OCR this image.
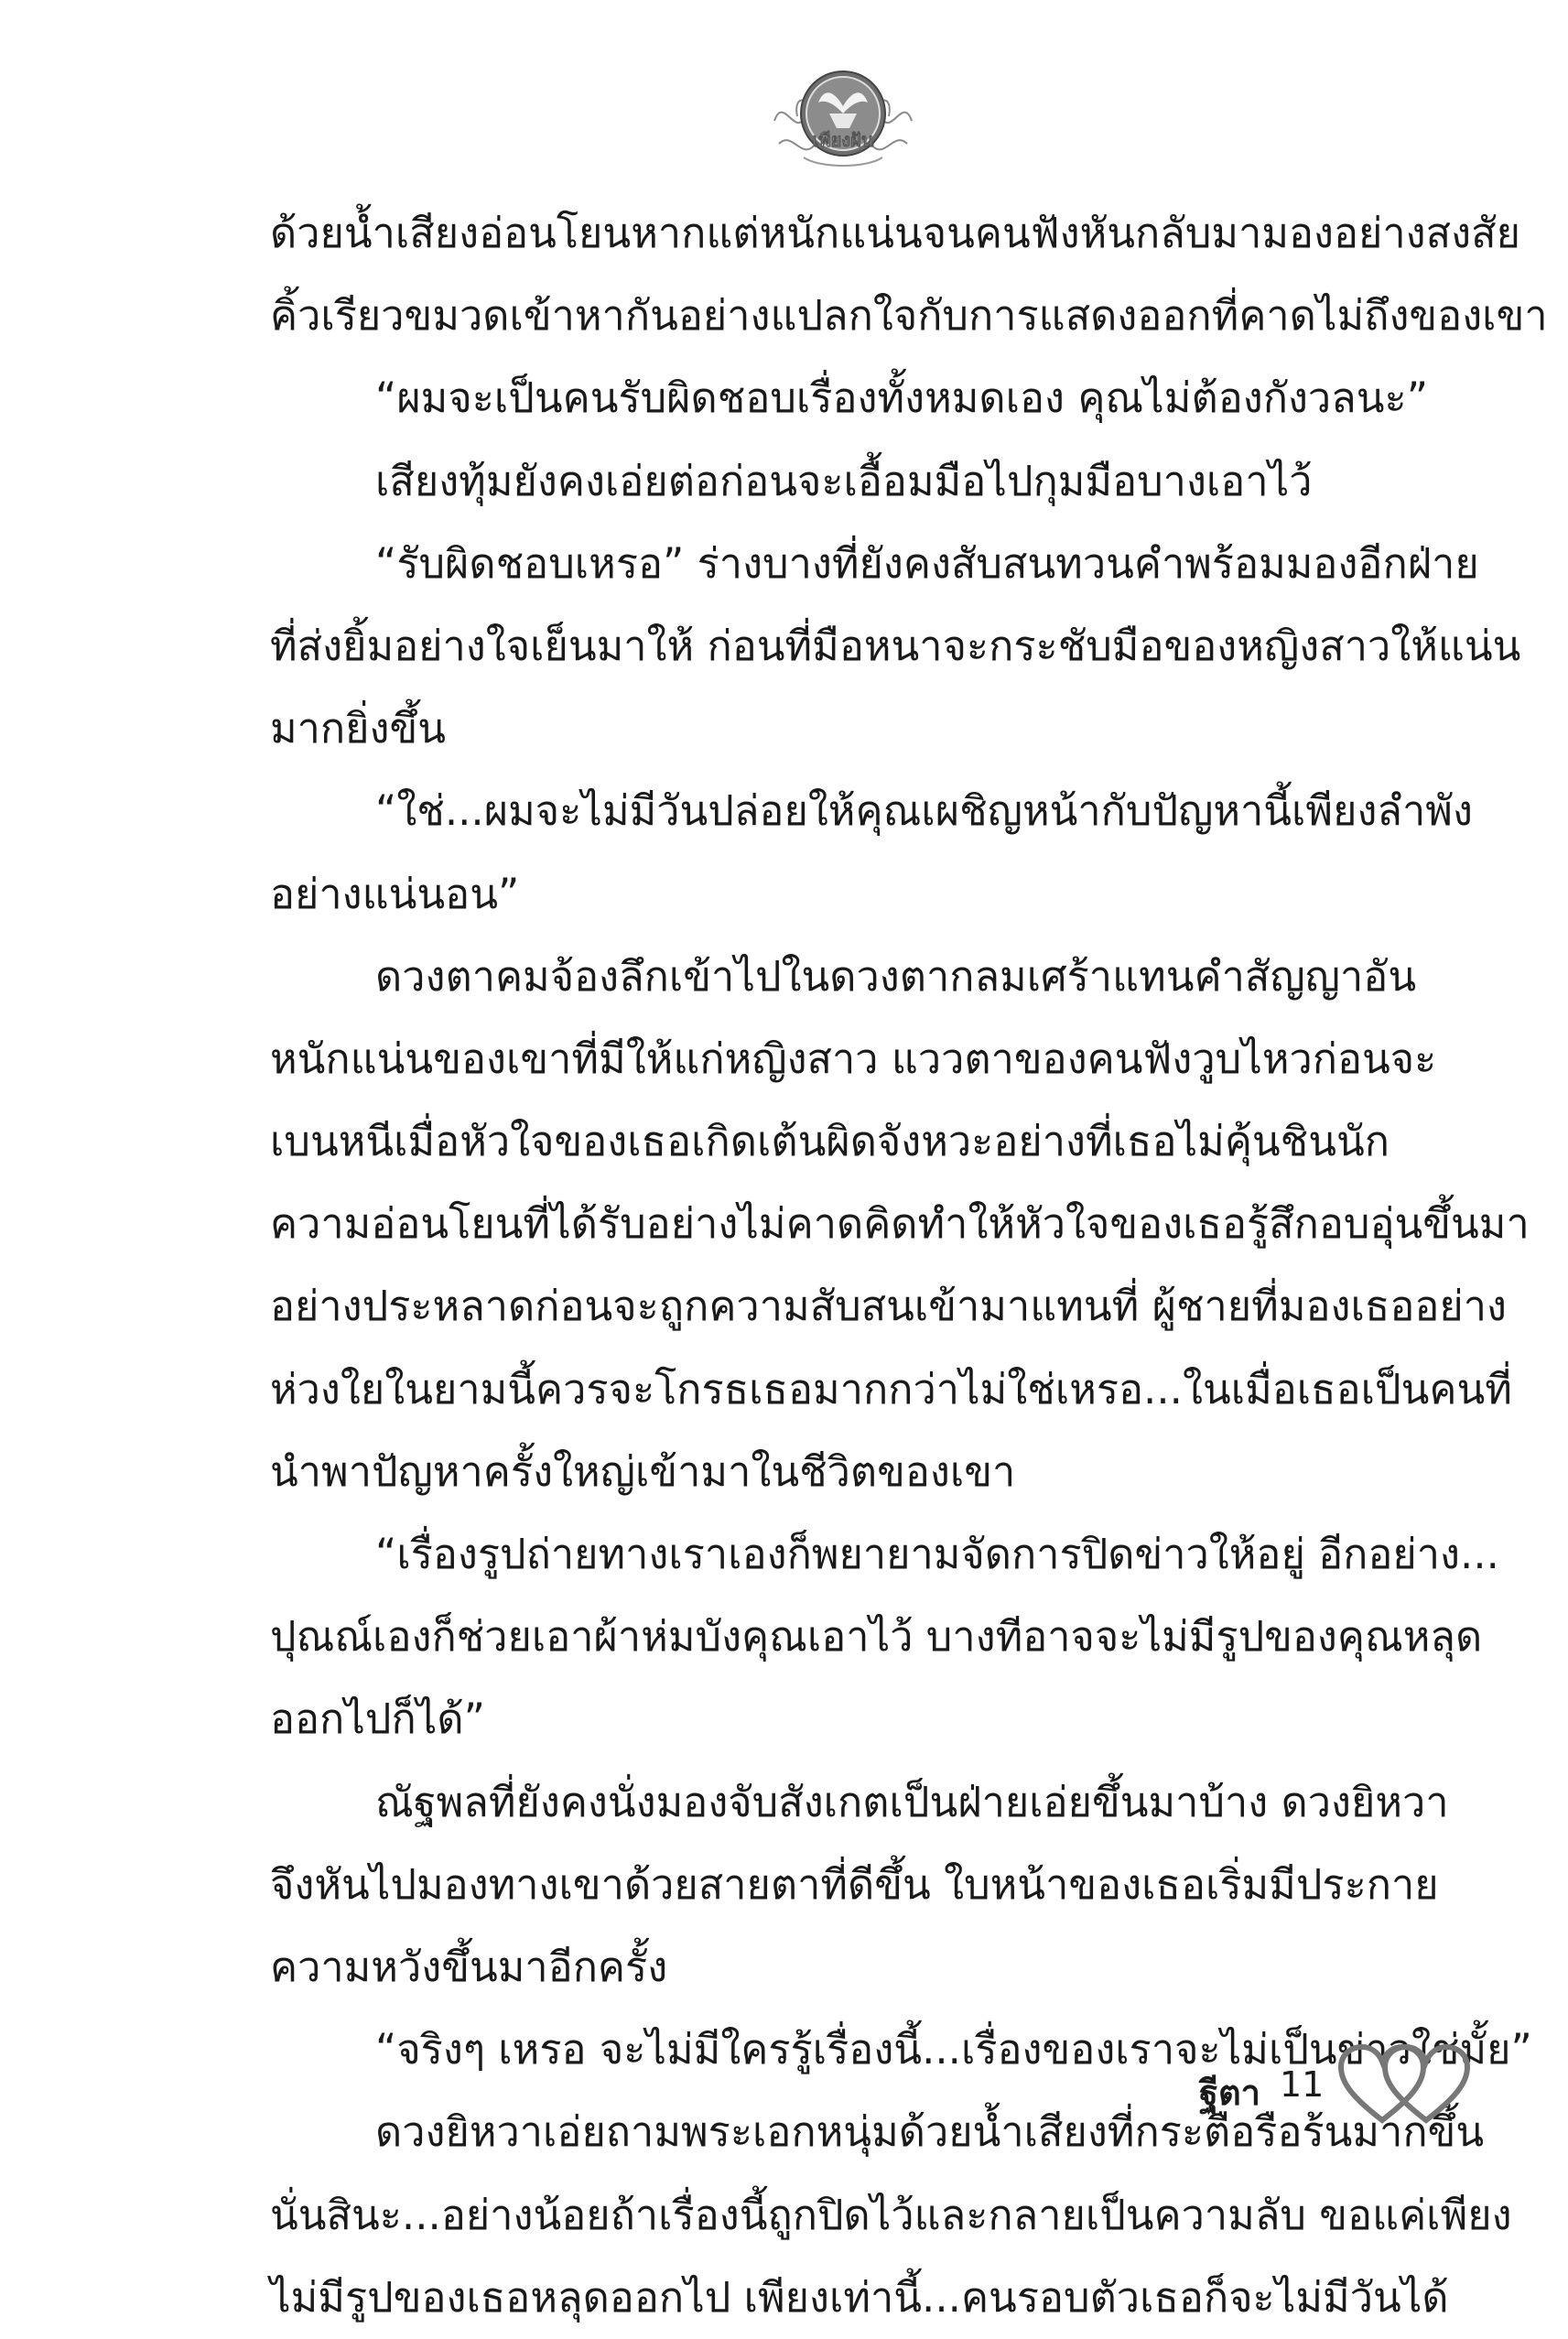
เพียงฝัน
ด้วยน้ำเสียงอ่อนโยนหากแต่หนักแน่นจนคนฟังหันกลับมามองอย่างสงสัย
คิ้วเรียวขมวดเข้าหากันอย่างแปลกใจกับการแสดงออกที่คาดไม่ถึงของเขา
“ผมจะเป็นคนรับผิดชอบเรื่องทั้งหมดเอง คุณไม่ต้องกังวลนะ”
เสียงทุ้มยังคงเอ่ยต่อก่อนจะเอื้อมมือไปกุมมือบางเอาไว้
“รับผิดชอบเหรอ” ร่างบางที่ยังคงสับสนทวนคำพร้อมมองอีกฝ่าย
ที่ส่งยิ้มอย่างใจเย็นมาให้ ก่อนที่มือหนาจะกระชับมือของหญิงสาวให้แน่น
มากยิ่งขึ้น
“ใช่...ผมจะไม่มีวันปล่อยให้คุณเผชิญหน้ากับปัญหานี้เพียงลำพัง
อย่างแน่นอน”
ดวงตาคมจ้องลึกเข้าไปในดวงตากลมเศร้าแทนคำสัญญาอัน
หนักแน่นของเขาที่มีให้แก่หญิงสาว แววตาของคนฟังวูบไหวก่อนจะ
เบนหนีเมื่อหัวใจของเธอเกิดเต้นผิดจังหวะอย่างที่เธอไม่คุ้นชินนัก
ความอ่อนโยนที่ได้รับอย่างไม่คาดคิดทำให้หัวใจของเธอรู้สึกอบอุ่นขึ้นมา
อย่างประหลาดก่อนจะถูกความสับสนเข้ามาแทนที่ ผู้ชายที่มองเธออย่าง
ห่วงใยในยามนี้ควรจะโกรธเธอมากกว่าไม่ใช่เหรอ...ในเมื่อเธอเป็นคนที่
นำพาปัญหาครั้งใหญ่เข้ามาในชีวิตของเขา
“เรื่องรูปถ่ายทางเราเองก็พยายามจัดการปิดข่าวให้อยู่ อีกอย่าง...
ปุณณ์เองก็ช่วยเอาผ้าห่มบังคุณเอาไว้ บางทีอาจจะไม่มีรูปของคุณหลุด
ออกไปก็ได้”
ณัฐพลที่ยังคงนั่งมองจับสังเกตเป็นฝ่ายเอ่ยขึ้นมาบ้าง ดวงยิหวา
จึงหันไปมองทางเขาด้วยสายตาที่ดีขึ้น ใบหน้าของเธอเริ่มมีประกาย
ความหวังขึ้นมาอีกครั้ง
“จริงๆ เหรอ จะไม่มีใครรู้เรื่องนี้...เรื่องของเราจะไม่เป็นข่าวใช่มั้ย”
ดวงยิหวาเอ่ยถามพระเอกหนุ่มด้วยน้ำเสียงที่กระตือรือร้นมากขึ้น
นั่นสินะ...อย่างน้อยถ้าเรื่องนี้ถูกปิดไว้และกลายเป็นความลับ ขอแค่เพียง
ไม่มีรูปของเธอหลุดออกไป เพียงเท่านี้...คนรอบตัวเธอก็จะไม่มีวันได้
ฐีตา 11
